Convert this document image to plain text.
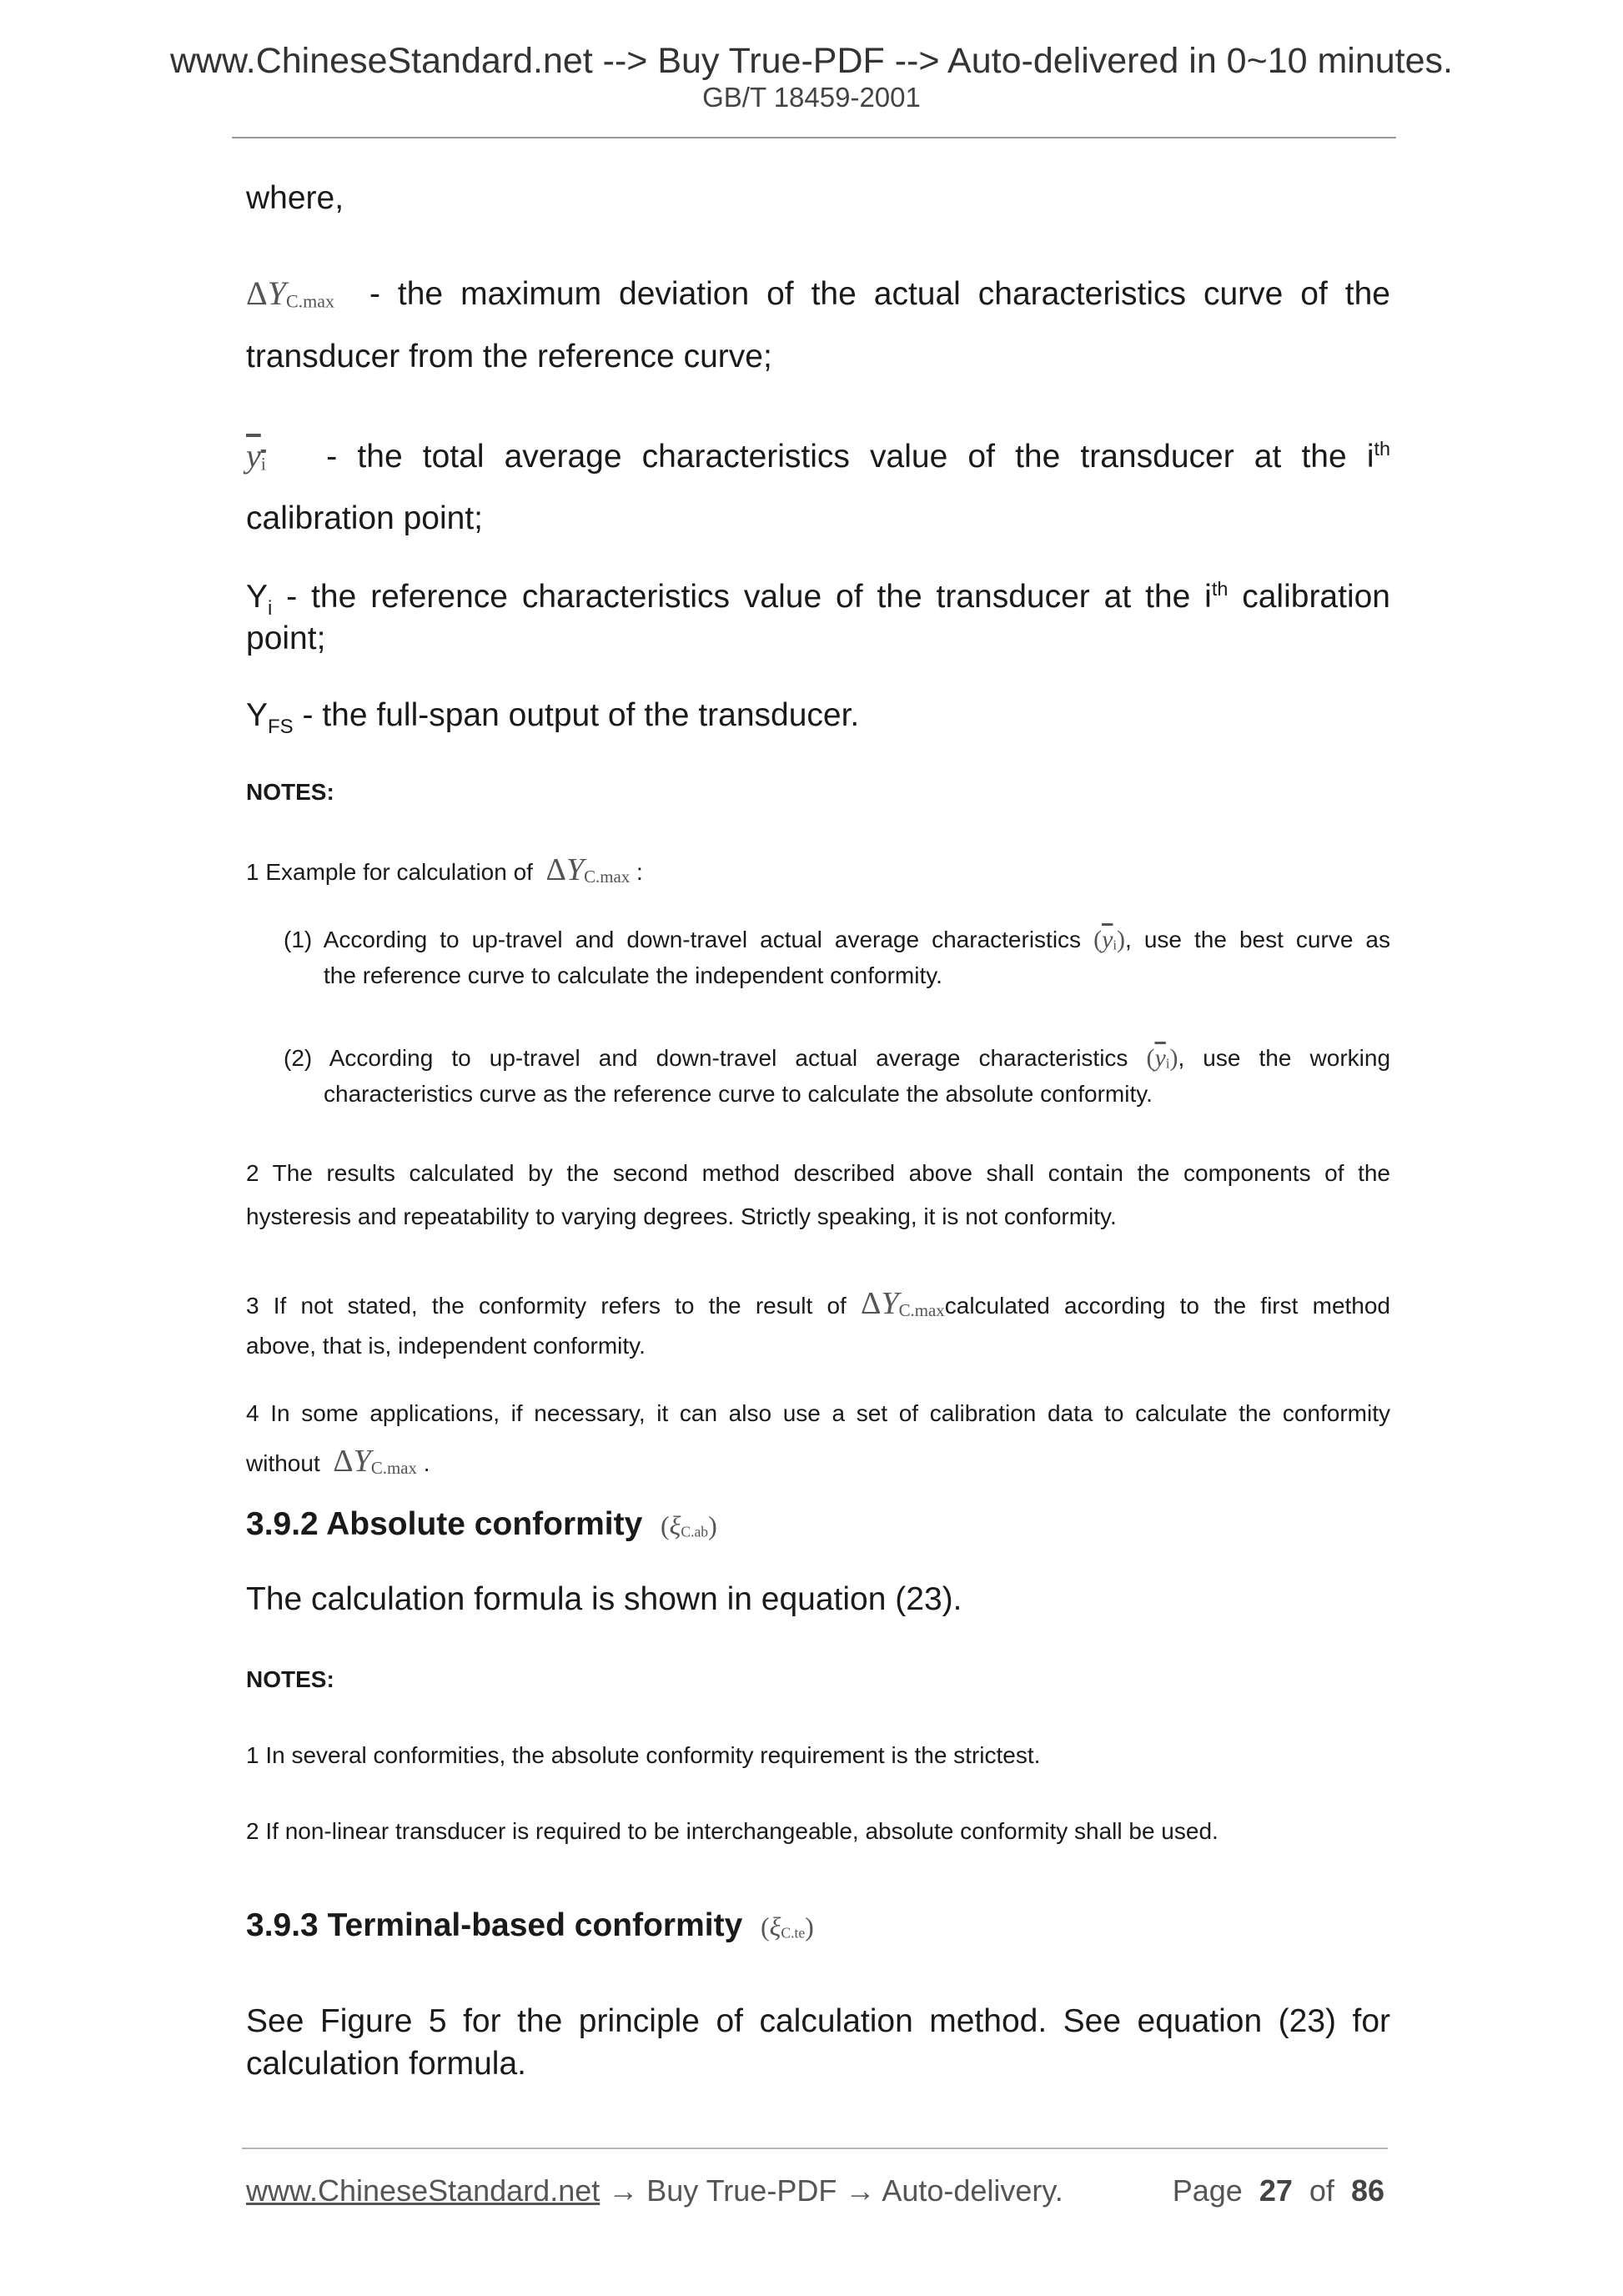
www.ChineseStandard.net --> Buy True-PDF --> Auto-delivered in 0~10 minutes.
GB/T 18459-2001
where,
$\Delta Y_{C.max}$ - the maximum deviation of the actual characteristics curve of the
transducer from the reference curve;
$y_i$ - the total average characteristics value of the transducer at the $i^{th}$
calibration point;
$Y_i$ - the reference characteristics value of the transducer at the $i^{th}$ calibration
point;
$Y_{FS}$ - the full-span output of the transducer.
NOTES:
1 Example for calculation of $\Delta Y_{C.max}$ :
(1) According to up-travel and down-travel actual average characteristics $(\overline{y}_i)$, use the best curve as
the reference curve to calculate the independent conformity.
(2) According to up-travel and down-travel actual average characteristics $(\overline{y}_i)$, use the working
characteristics curve as the reference curve to calculate the absolute conformity.
2 The results calculated by the second method described above shall contain the components of the
hysteresis and repeatability to varying degrees. Strictly speaking, it is not conformity.
3 If not stated, the conformity refers to the result of $\Delta Y_{C.max}calculated$ according to the first method
above, that is, independent conformity.
4 In some applications, if necessary, it can also use a set of calibration data to calculate the conformity
without $\Delta Y_{C.max}$ .
3.9.2 Absolute conformity $(\xi_{C.ab})$
The calculation formula is shown in equation (23).
NOTES:
1 In several conformities, the absolute conformity requirement is the strictest.
2 If non-linear transducer is required to be interchangeable, absolute conformity shall be used.
3.9.3 Terminal-based conformity $(\xi_{C.te})$
See Figure 5 for the principle of calculation method. See equation (23) for
calculation formula.
www.ChineseStandard.net → Buy True-PDF → Auto-delivery.	Page 27 of 86
